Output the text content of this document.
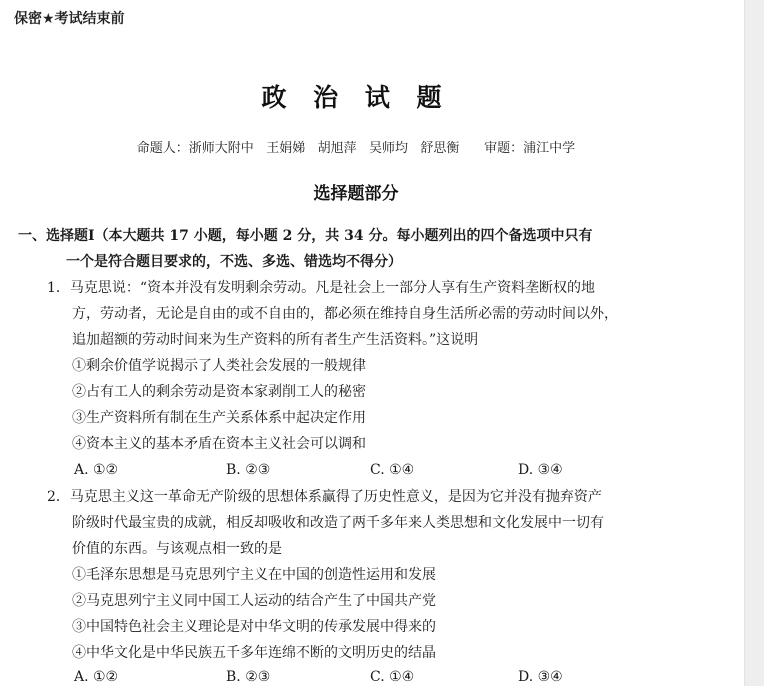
保密★考试结束前
政 治 试 题
命题人：浙师大附中   王娟娣   胡旭萍   吴师均   舒思衡      审题：浦江中学
选择题部分
一、选择题Ⅰ（本大题共 17 小题，每小题 2 分，共 34 分。每小题列出的四个备选项中只有
一个是符合题目要求的，不选、多选、错选均不得分）
1．马克思说：“资本并没有发明剩余劳动。凡是社会上一部分人享有生产资料垄断权的地
方，劳动者，无论是自由的或不自由的，都必须在维持自身生活所必需的劳动时间以外，
追加超额的劳动时间来为生产资料的所有者生产生活资料。”这说明
①剩余价值学说揭示了人类社会发展的一般规律
②占有工人的剩余劳动是资本家剥削工人的秘密
③生产资料所有制在生产关系体系中起决定作用
④资本主义的基本矛盾在资本主义社会可以调和
A. ①②	B. ②③	C. ①④	D. ③④
2．马克思主义这一革命无产阶级的思想体系赢得了历史性意义，是因为它并没有抛弃资产
阶级时代最宝贵的成就，相反却吸收和改造了两千多年来人类思想和文化发展中一切有
价值的东西。与该观点相一致的是
①毛泽东思想是马克思列宁主义在中国的创造性运用和发展
②马克思列宁主义同中国工人运动的结合产生了中国共产党
③中国特色社会主义理论是对中华文明的传承发展中得来的
④中华文化是中华民族五千多年连绵不断的文明历史的结晶
A. ①②	B. ②③	C. ①④	D. ③④
